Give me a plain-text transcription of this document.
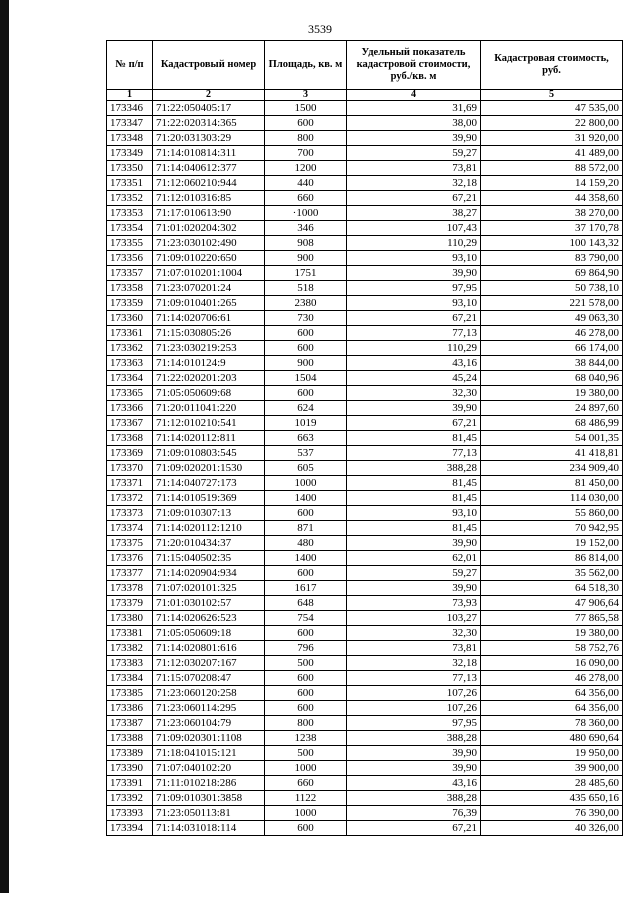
3539
№ п/п	Кадастровый номер	Площадь, кв. м	Удельный показатель кадастровой стоимости, руб./кв. м	Кадастровая стоимость, руб.
1	2	3	4	5
173346	71:22:050405:17	1500	31,69	47 535,00
173347	71:22:020314:365	600	38,00	22 800,00
173348	71:20:031303:29	800	39,90	31 920,00
173349	71:14:010814:311	700	59,27	41 489,00
173350	71:14:040612:377	1200	73,81	88 572,00
173351	71:12:060210:944	440	32,18	14 159,20
173352	71:12:010316:85	660	67,21	44 358,60
173353	71:17:010613:90	·1000	38,27	38 270,00
173354	71:01:020204:302	346	107,43	37 170,78
173355	71:23:030102:490	908	110,29	100 143,32
173356	71:09:010220:650	900	93,10	83 790,00
173357	71:07:010201:1004	1751	39,90	69 864,90
173358	71:23:070201:24	518	97,95	50 738,10
173359	71:09:010401:265	2380	93,10	221 578,00
173360	71:14:020706:61	730	67,21	49 063,30
173361	71:15:030805:26	600	77,13	46 278,00
173362	71:23:030219:253	600	110,29	66 174,00
173363	71:14:010124:9	900	43,16	38 844,00
173364	71:22:020201:203	1504	45,24	68 040,96
173365	71:05:050609:68	600	32,30	19 380,00
173366	71:20:011041:220	624	39,90	24 897,60
173367	71:12:010210:541	1019	67,21	68 486,99
173368	71:14:020112:811	663	81,45	54 001,35
173369	71:09:010803:545	537	77,13	41 418,81
173370	71:09:020201:1530	605	388,28	234 909,40
173371	71:14:040727:173	1000	81,45	81 450,00
173372	71:14:010519:369	1400	81,45	114 030,00
173373	71:09:010307:13	600	93,10	55 860,00
173374	71:14:020112:1210	871	81,45	70 942,95
173375	71:20:010434:37	480	39,90	19 152,00
173376	71:15:040502:35	1400	62,01	86 814,00
173377	71:14:020904:934	600	59,27	35 562,00
173378	71:07:020101:325	1617	39,90	64 518,30
173379	71:01:030102:57	648	73,93	47 906,64
173380	71:14:020626:523	754	103,27	77 865,58
173381	71:05:050609:18	600	32,30	19 380,00
173382	71:14:020801:616	796	73,81	58 752,76
173383	71:12:030207:167	500	32,18	16 090,00
173384	71:15:070208:47	600	77,13	46 278,00
173385	71:23:060120:258	600	107,26	64 356,00
173386	71:23:060114:295	600	107,26	64 356,00
173387	71:23:060104:79	800	97,95	78 360,00
173388	71:09:020301:1108	1238	388,28	480 690,64
173389	71:18:041015:121	500	39,90	19 950,00
173390	71:07:040102:20	1000	39,90	39 900,00
173391	71:11:010218:286	660	43,16	28 485,60
173392	71:09:010301:3858	1122	388,28	435 650,16
173393	71:23:050113:81	1000	76,39	76 390,00
173394	71:14:031018:114	600	67,21	40 326,00
